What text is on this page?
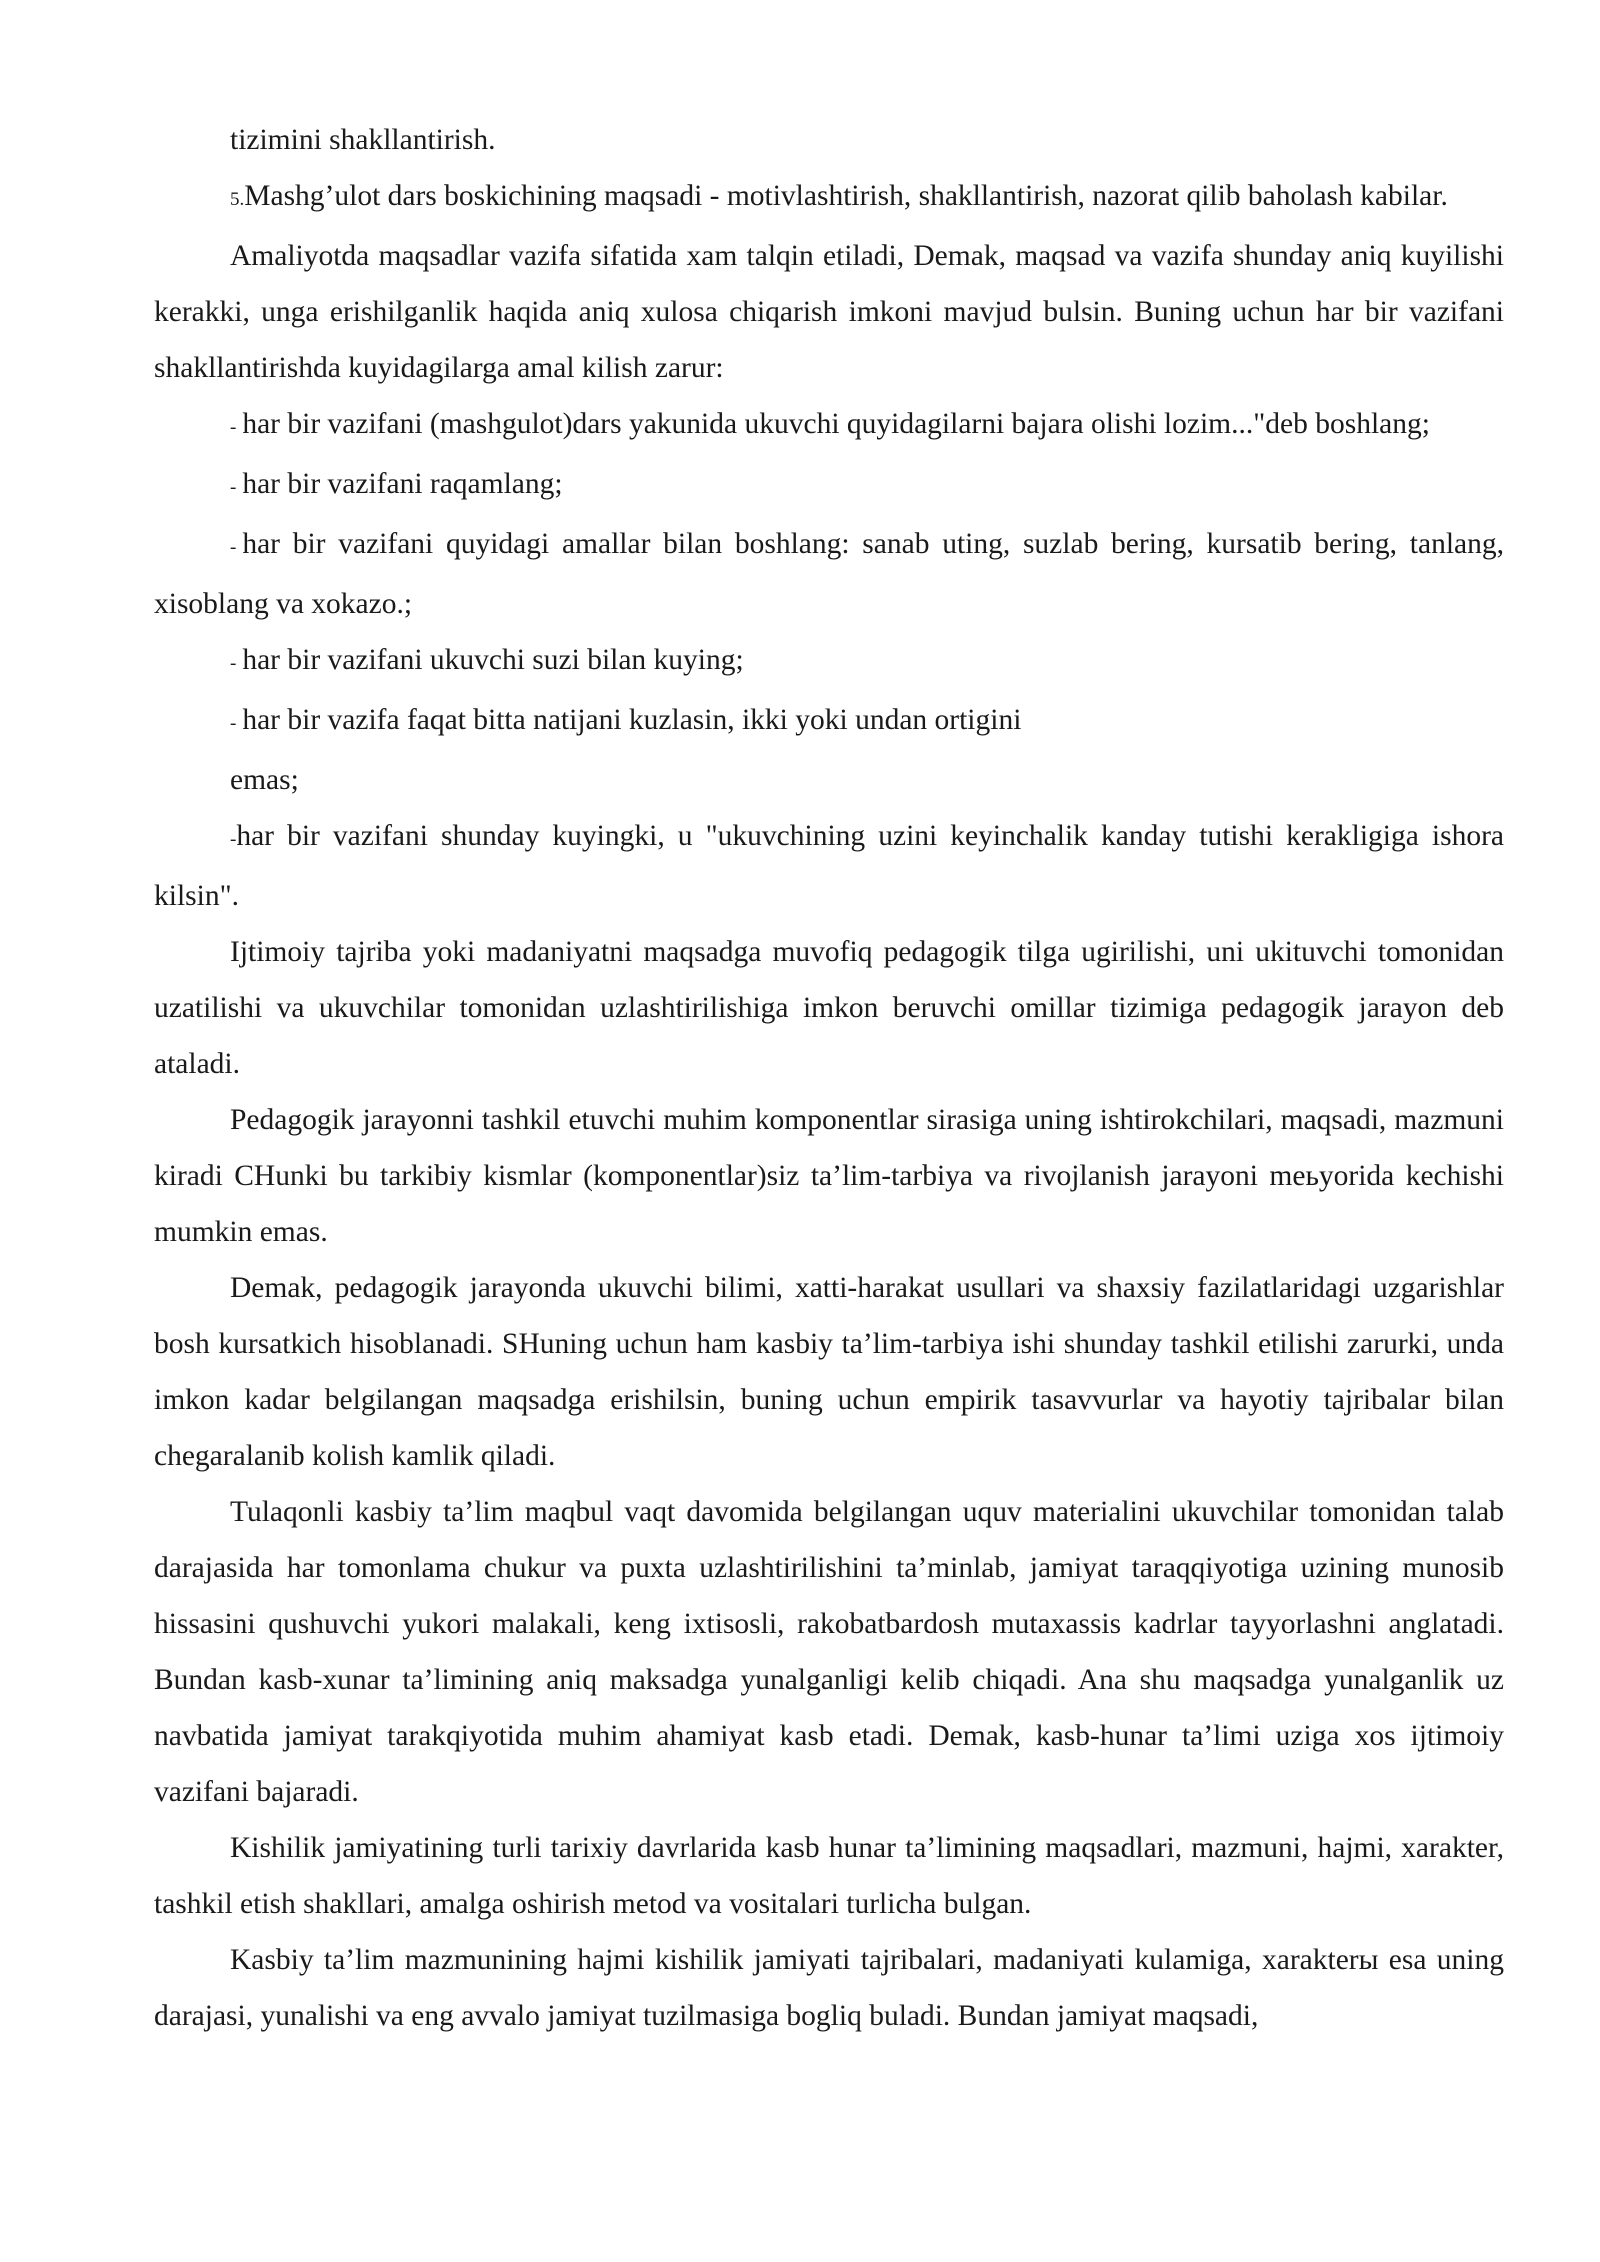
tizimini shakllantirish.

5.Mashg’ulot dars boskichining maqsadi - motivlashtirish, shakllantirish, nazorat qilib baholash kabilar.

Amaliyotda maqsadlar vazifa sifatida xam talqin etiladi, Demak, maqsad va vazifa shunday aniq kuyilishi kerakki, unga erishilganlik haqida aniq xulosa chiqarish imkoni mavjud bulsin. Buning uchun har bir vazifani shakllantirishda kuyidagilarga amal kilish zarur:

- har bir vazifani (mashgulot)dars yakunida ukuvchi quyidagilarni bajara olishi lozim..."deb boshlang;

- har bir vazifani raqamlang;

- har bir vazifani quyidagi amallar bilan boshlang: sanab uting, suzlab bering, kursatib bering, tanlang, xisoblang va xokazo.;

- har bir vazifani ukuvchi suzi bilan kuying;

- har bir vazifa faqat bitta natijani kuzlasin, ikki yoki undan ortigini

emas;

-har bir vazifani shunday kuyingki, u "ukuvchining uzini keyinchalik kanday tutishi kerakligiga ishora kilsin".

Ijtimoiy tajriba yoki madaniyatni maqsadga muvofiq pedagogik tilga ugirilishi, uni ukituvchi tomonidan uzatilishi va ukuvchilar tomonidan uzlashtirilishiga imkon beruvchi omillar tizimiga pedagogik jarayon deb ataladi.

Pedagogik jarayonni tashkil etuvchi muhim komponentlar sirasiga uning ishtirokchilari, maqsadi, mazmuni kiradi CHunki bu tarkibiy kismlar (komponentlar)siz ta’lim-tarbiya va rivojlanish jarayoni meьyorida kechishi mumkin emas.

Demak, pedagogik jarayonda ukuvchi bilimi, xatti-harakat usullari va shaxsiy fazilatlaridagi uzgarishlar bosh kursatkich hisoblanadi. SHuning uchun ham kasbiy ta’lim-tarbiya ishi shunday tashkil etilishi zarurki, unda imkon kadar belgilangan maqsadga erishilsin, buning uchun empirik tasavvurlar va hayotiy tajribalar bilan chegaralanib kolish kamlik qiladi.

Tulaqonli kasbiy ta’lim maqbul vaqt davomida belgilangan uquv materialini ukuvchilar tomonidan talab darajasida har tomonlama chukur va puxta uzlashtirilishini ta’minlab, jamiyat taraqqiyotiga uzining munosib hissasini qushuvchi yukori malakali, keng ixtisosli, rakobatbardosh mutaxassis kadrlar tayyorlashni anglatadi. Bundan kasb-xunar ta’limining aniq maksadga yunalganligi kelib chiqadi. Ana shu maqsadga yunalganlik uz navbatida jamiyat tarakqiyotida muhim ahamiyat kasb etadi. Demak, kasb-hunar ta’limi uziga xos ijtimoiy vazifani bajaradi.

Kishilik jamiyatining turli tarixiy davrlarida kasb hunar ta’limining maqsadlari, mazmuni, hajmi, xarakter, tashkil etish shakllari, amalga oshirish metod va vositalari turlicha bulgan.

Kasbiy ta’lim mazmunining hajmi kishilik jamiyati tajribalari, madaniyati kulamiga, xarakterы esa uning darajasi, yunalishi va eng avvalo jamiyat tuzilmasiga bogliq buladi. Bundan jamiyat maqsadi,
